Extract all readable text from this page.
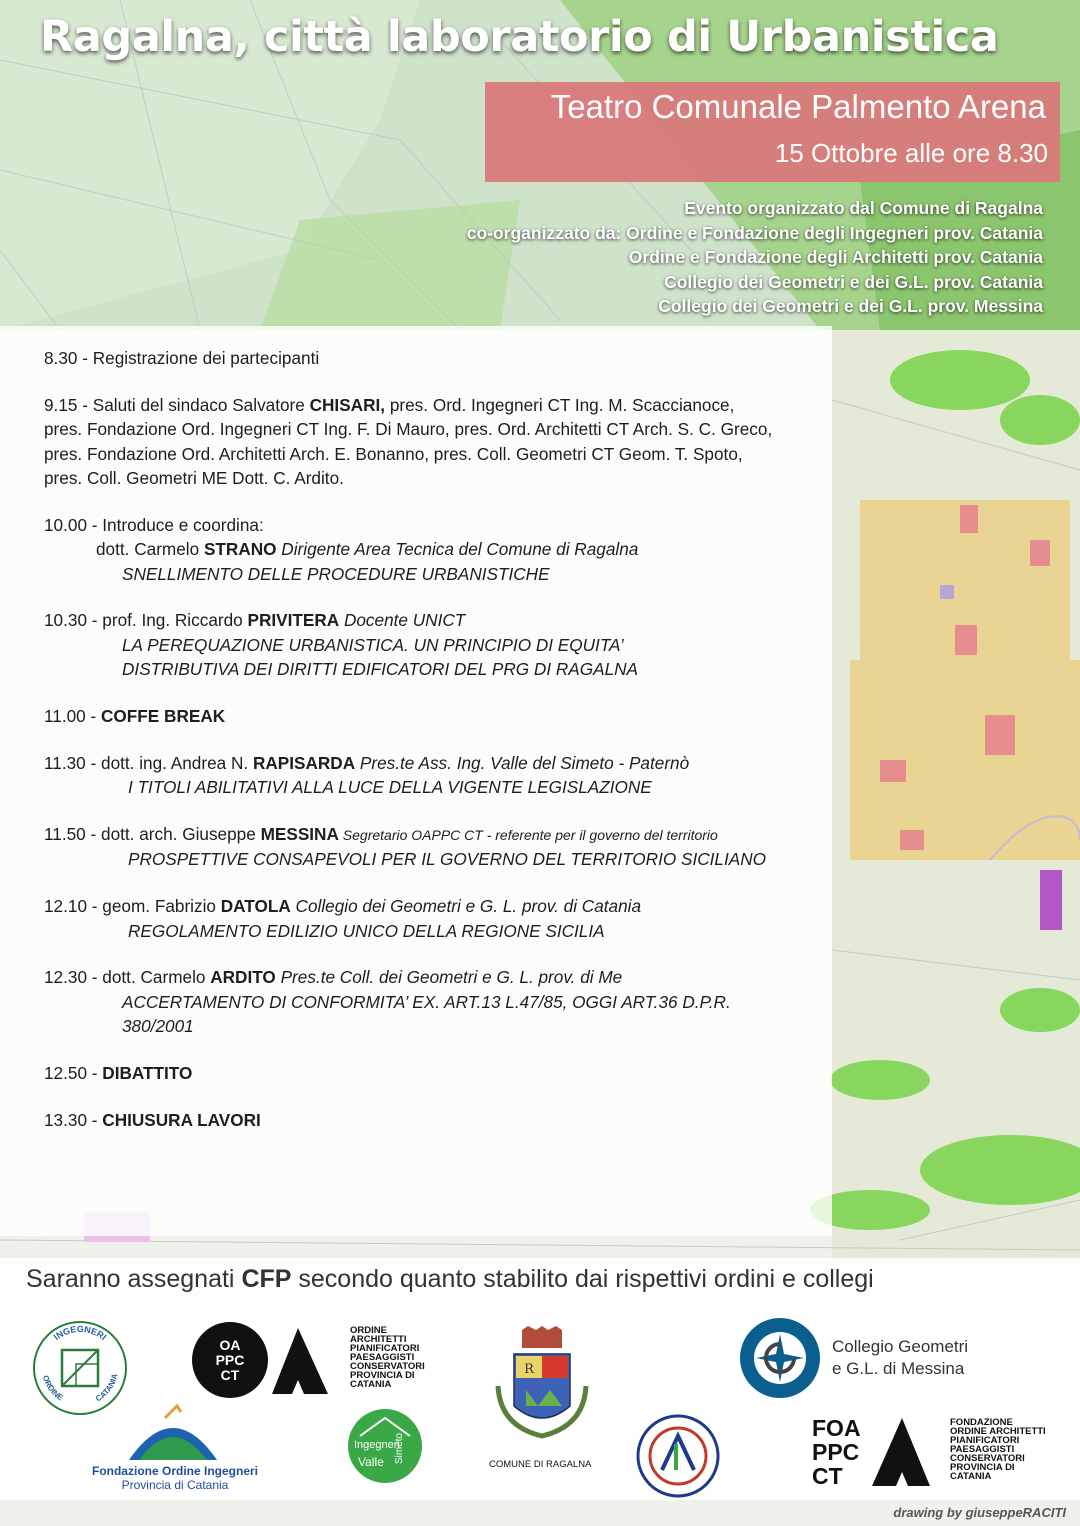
Ragalna, città laboratorio di Urbanistica
Teatro Comunale Palmento Arena
15 Ottobre alle ore 8.30
Evento organizzato dal Comune di Ragalna
co-organizzato da: Ordine e Fondazione degli Ingegneri prov. Catania
Ordine e Fondazione degli Architetti prov. Catania
Collegio dei Geometri e dei G.L. prov. Catania
Collegio dei Geometri e dei G.L. prov. Messina
8.30 - Registrazione dei partecipanti
9.15 - Saluti del sindaco Salvatore CHISARI, pres. Ord. Ingegneri CT Ing. M. Scaccianoce,
pres. Fondazione Ord. Ingegneri CT Ing. F. Di Mauro, pres. Ord. Architetti CT Arch. S. C. Greco,
pres. Fondazione Ord. Architetti Arch. E. Bonanno, pres. Coll. Geometri CT Geom. T. Spoto,
pres. Coll. Geometri ME Dott. C. Ardito.
10.00 - Introduce e coordina:
dott. Carmelo STRANO Dirigente Area Tecnica del Comune di Ragalna
SNELLIMENTO DELLE PROCEDURE URBANISTICHE
10.30 - prof. Ing. Riccardo PRIVITERA Docente UNICT
LA PEREQUAZIONE URBANISTICA. UN PRINCIPIO DI EQUITA’
DISTRIBUTIVA DEI DIRITTI EDIFICATORI DEL PRG DI RAGALNA
11.00 - COFFE BREAK
11.30 - dott. ing. Andrea N. RAPISARDA Pres.te Ass. Ing. Valle del Simeto - Paternò
I TITOLI ABILITATIVI ALLA LUCE DELLA VIGENTE LEGISLAZIONE
11.50 - dott. arch. Giuseppe MESSINA Segretario OAPPC CT - referente per il governo del territorio
PROSPETTIVE CONSAPEVOLI PER IL GOVERNO DEL TERRITORIO SICILIANO
12.10 - geom. Fabrizio DATOLA Collegio dei Geometri e G. L. prov. di Catania
REGOLAMENTO EDILIZIO UNICO DELLA REGIONE SICILIA
12.30 - dott. Carmelo ARDITO Pres.te Coll. dei Geometri e G. L. prov. di Me
ACCERTAMENTO DI CONFORMITA’ EX. ART.13 L.47/85, OGGI ART.36 D.P.R.
380/2001
12.50 - DIBATTITO
13.30 - CHIUSURA LAVORI
Saranno assegnati CFP secondo quanto stabilito dai rispettivi ordini e collegi
INGEGNERI
ORDINE	CATANIA
OA
PPC
CT
ORDINE
ARCHITETTI
PIANIFICATORI
PAESAGGISTI
CONSERVATORI
PROVINCIA DI
CATANIA
R
COMUNE DI RAGALNA
Collegio Geometri
e G.L. di Messina
Fondazione Ordine Ingegneri
Provincia di Catania
Ingegneri
Valle Simeto
FOA
PPC
CT
FONDAZIONE
ORDINE ARCHITETTI
PIANIFICATORI
PAESAGGISTI
CONSERVATORI
PROVINCIA DI
CATANIA
drawing by giuseppeRACITI
